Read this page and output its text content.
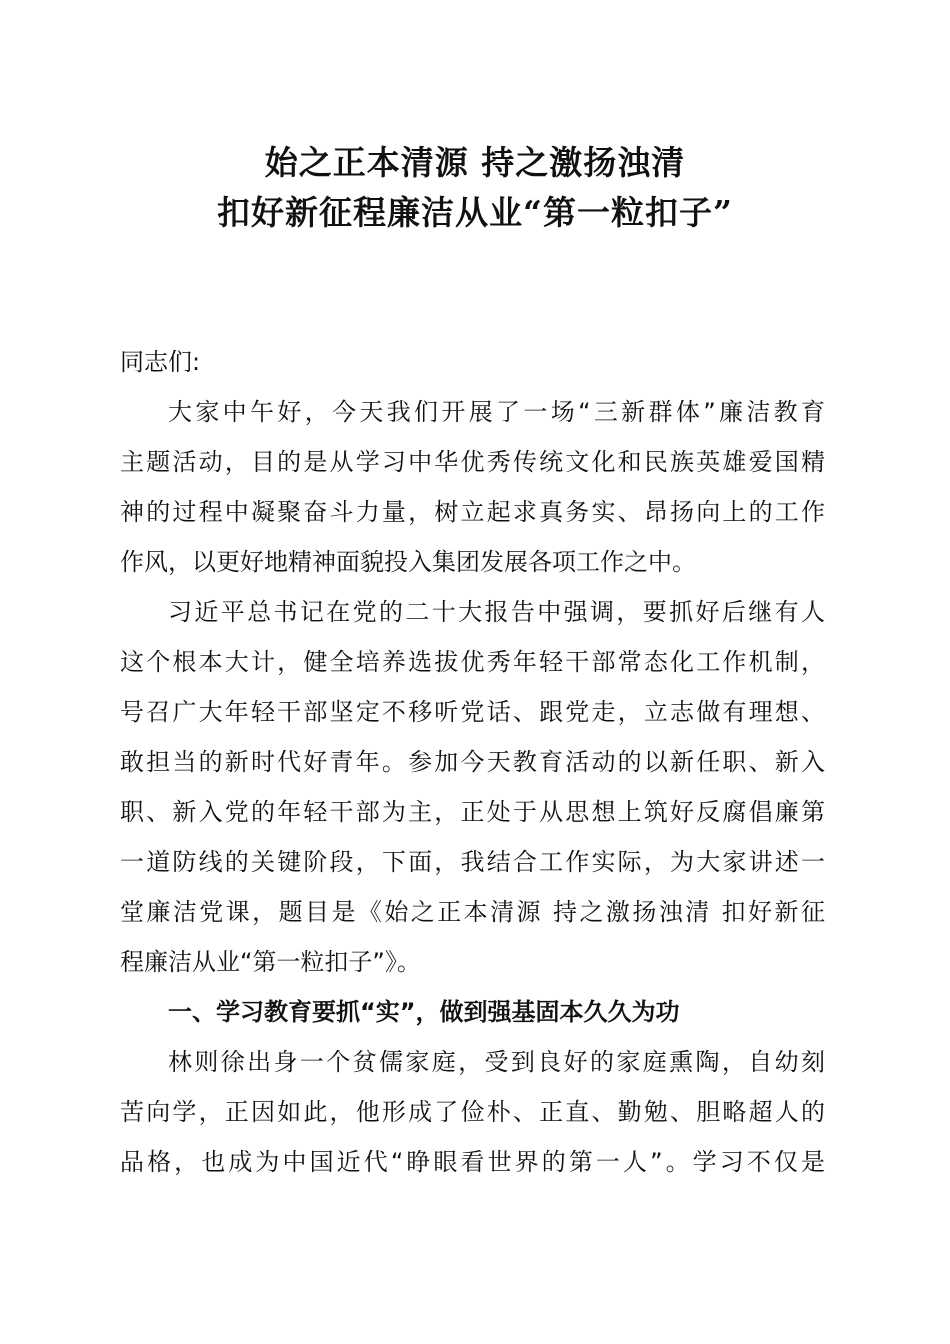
始之正本清源 持之激扬浊清
扣好新征程廉洁从业“第一粒扣子”
同志们:
大家中午好，今天我们开展了一场“三新群体”廉洁教育
主题活动，目的是从学习中华优秀传统文化和民族英雄爱国精
神的过程中凝聚奋斗力量，树立起求真务实、昂扬向上的工作
作风，以更好地精神面貌投入集团发展各项工作之中。
习近平总书记在党的二十大报告中强调，要抓好后继有人
这个根本大计，健全培养选拔优秀年轻干部常态化工作机制，
号召广大年轻干部坚定不移听党话、跟党走，立志做有理想、
敢担当的新时代好青年。参加今天教育活动的以新任职、新入
职、新入党的年轻干部为主，正处于从思想上筑好反腐倡廉第
一道防线的关键阶段，下面，我结合工作实际，为大家讲述一
堂廉洁党课，题目是《始之正本清源 持之激扬浊清 扣好新征
程廉洁从业“第一粒扣子”》。
一、学习教育要抓“实”，做到强基固本久久为功
林则徐出身一个贫儒家庭，受到良好的家庭熏陶，自幼刻
苦向学，正因如此，他形成了俭朴、正直、勤勉、胆略超人的
品格，也成为中国近代“睁眼看世界的第一人”。学习不仅是
